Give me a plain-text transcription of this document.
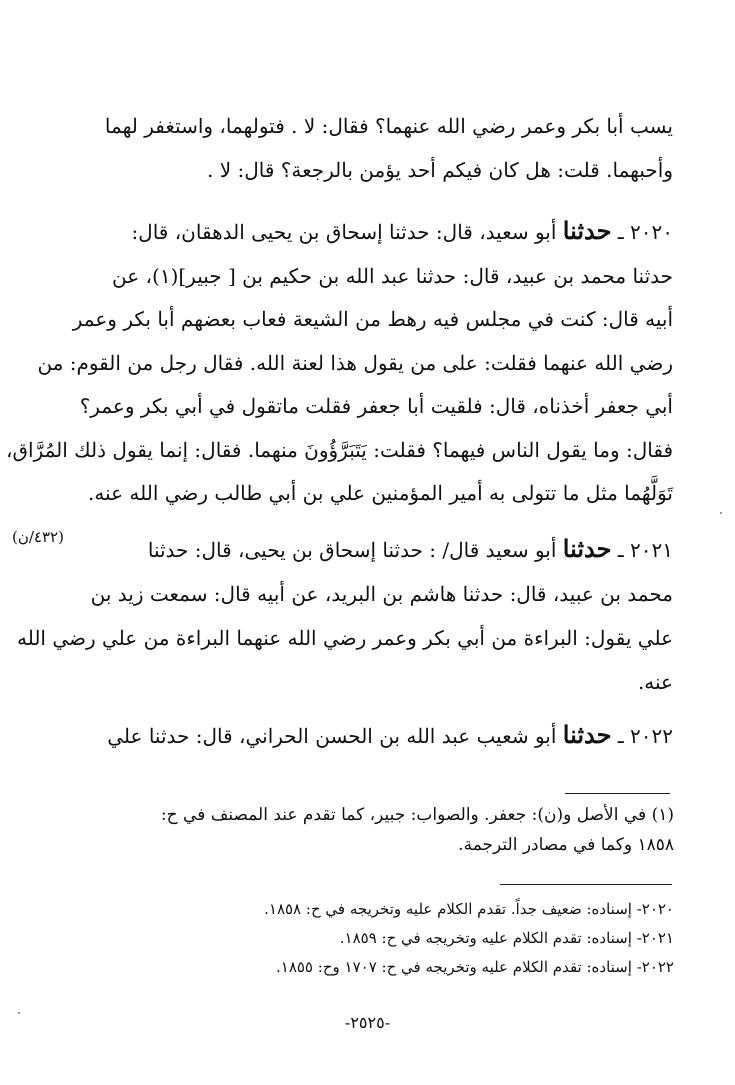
يسب أبا بكر وعمر رضي الله عنهما؟ فقال: لا . فتولهما، واستغفر لهما
وأحبهما. قلت: هل كان فيكم أحد يؤمن بالرجعة؟ قال: لا .
٢٠٢٠ ـ حدثنا أبو سعيد، قال: حدثنا إسحاق بن يحيى الدهقان، قال:
حدثنا محمد بن عبيد، قال: حدثنا عبد الله بن حكيم بن [ جبير](١)، عن
أبيه قال: كنت في مجلس فيه رهط من الشيعة فعاب بعضهم أبا بكر وعمر
رضي الله عنهما فقلت: على من يقول هذا لعنة الله. فقال رجل من القوم: من
أبي جعفر أخذناه، قال: فلقيت أبا جعفر فقلت ماتقول في أبي بكر وعمر؟
فقال: وما يقول الناس فيهما؟ فقلت: يَتَبَرَّؤُونَ منهما. فقال: إنما يقول ذلك المُرَّاق،
تَوَلَّهُما مثل ما تتولى به أمير المؤمنين علي بن أبي طالب رضي الله عنه.
(٤٣٢/ن)
٢٠٢١ ـ حدثنا أبو سعيد قال/ : حدثنا إسحاق بن يحيى، قال: حدثنا
محمد بن عبيد، قال: حدثنا هاشم بن البريد، عن أبيه قال: سمعت زيد بن
علي يقول: البراءة من أبي بكر وعمر رضي الله عنهما البراءة من علي رضي الله
عنه.
٢٠٢٢ ـ حدثنا أبو شعيب عبد الله بن الحسن الحراني، قال: حدثنا علي
(١) في الأصل و(ن): جعفر. والصواب: جبير، كما تقدم عند المصنف في ح:
١٨٥٨ وكما في مصادر الترجمة.
٢٠٢٠- إسناده: ضعيف جداً. تقدم الكلام عليه وتخريجه في ح: ١٨٥٨.
٢٠٢١- إسناده: تقدم الكلام عليه وتخريجه في ح: ١٨٥٩.
٢٠٢٢- إسناده: تقدم الكلام عليه وتخريجه في ح: ١٧٠٧ وح: ١٨٥٥.
-٢٥٢٥-
